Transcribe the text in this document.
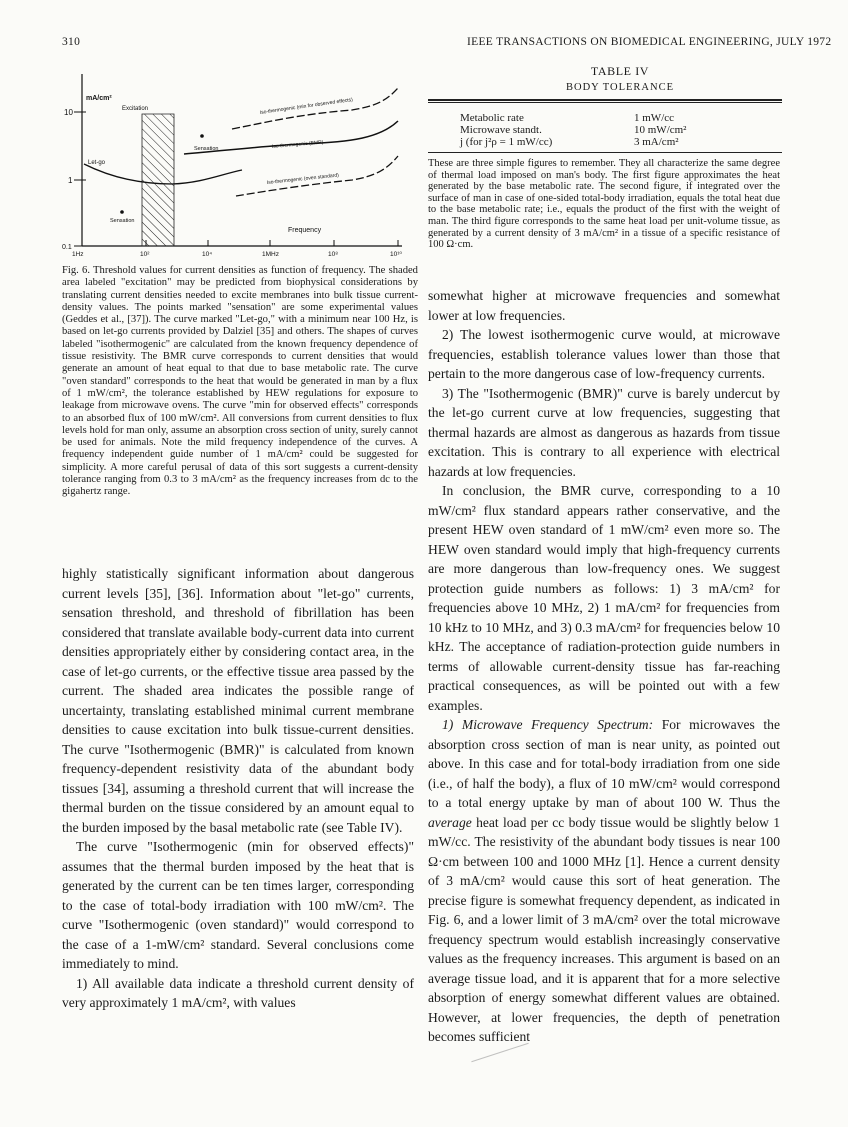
310	IEEE TRANSACTIONS ON BIOMEDICAL ENGINEERING, JULY 1972
mA/cm²
10
1
0.1
1Hz	10²	10⁴	1MHz	10⁸	10¹⁰
Excitation
Sensation
Sensation
Let-go
Iso-thermogenic (min for observed effects)
Iso-thermogenic (BMR)
Iso-thermogenic (oven standard)
Frequency
Fig. 6. Threshold values for current densities as function of frequency. The shaded area labeled "excitation" may be predicted from biophysical considerations by translating current densities needed to excite membranes into bulk tissue current-density values. The points marked "sensation" are some experimental values (Geddes et al., [37]). The curve marked "Let-go," with a minimum near 100 Hz, is based on let-go currents provided by Dalziel [35] and others. The shapes of curves labeled "isothermogenic" are calculated from the known frequency dependence of tissue resistivity. The BMR curve corresponds to current densities that would generate an amount of heat equal to that due to base metabolic rate. The curve "oven standard" corresponds to the heat that would be generated in man by a flux of 1 mW/cm², the tolerance established by HEW regulations for exposure to leakage from microwave ovens. The curve "min for observed effects" corresponds to an absorbed flux of 100 mW/cm². All conversions from current densities to flux levels hold for man only, assume an absorption cross section of unity, surely cannot be used for animals. Note the mild frequency independence of the curves. A frequency independent guide number of 1 mA/cm² could be suggested for simplicity. A more careful perusal of data of this sort suggests a current-density tolerance ranging from 0.3 to 3 mA/cm² as the frequency increases from dc to the gigahertz range.
TABLE IV
BODY TOLERANCE
Metabolic rate	1 mW/cc
Microwave standt.	10 mW/cm²
j (for j²ρ = 1 mW/cc)	3 mA/cm²
These are three simple figures to remember. They all characterize the same degree of thermal load imposed on man's body. The first figure approximates the heat generated by the base metabolic rate. The second figure, if integrated over the surface of man in case of one-sided total-body irradiation, equals the total heat due to the base metabolic rate; i.e., equals the product of the first with the weight of man. The third figure corresponds to the same heat load per unit-volume tissue, as generated by a current density of 3 mA/cm² in a tissue of a specific resistance of 100 Ω·cm.

highly statistically significant information about dangerous current levels [35], [36]. Information about "let-go" currents, sensation threshold, and threshold of fibrillation has been considered that translate available body-current data into current densities appropriately either by considering contact area, in the case of let-go currents, or the effective tissue area passed by the current. The shaded area indicates the possible range of uncertainty, translating established minimal current membrane densities to cause excitation into bulk tissue-current densities. The curve "Isothermogenic (BMR)" is calculated from known frequency-dependent resistivity data of the abundant body tissues [34], assuming a threshold current that will increase the thermal burden on the tissue considered by an amount equal to the burden imposed by the basal metabolic rate (see Table IV).

The curve "Isothermogenic (min for observed effects)" assumes that the thermal burden imposed by the heat that is generated by the current can be ten times larger, corresponding to the case of total-body irradiation with 100 mW/cm². The curve "Isothermogenic (oven standard)" would correspond to the case of a 1-mW/cm² standard. Several conclusions come immediately to mind.

1) All available data indicate a threshold current density of very approximately 1 mA/cm², with values

somewhat higher at microwave frequencies and somewhat lower at low frequencies.

2) The lowest isothermogenic curve would, at microwave frequencies, establish tolerance values lower than those that pertain to the more dangerous case of low-frequency currents.

3) The "Isothermogenic (BMR)" curve is barely undercut by the let-go current curve at low frequencies, suggesting that thermal hazards are almost as dangerous as hazards from tissue excitation. This is contrary to all experience with electrical hazards at low frequencies.

In conclusion, the BMR curve, corresponding to a 10 mW/cm² flux standard appears rather conservative, and the present HEW oven standard of 1 mW/cm² even more so. The HEW oven standard would imply that high-frequency currents are more dangerous than low-frequency ones. We suggest protection guide numbers as follows: 1) 3 mA/cm² for frequencies above 10 MHz, 2) 1 mA/cm² for frequencies from 10 kHz to 10 MHz, and 3) 0.3 mA/cm² for frequencies below 10 kHz. The acceptance of radiation-protection guide numbers in terms of allowable current-density tissue has far-reaching practical consequences, as will be pointed out with a few examples.

1) Microwave Frequency Spectrum: For microwaves the absorption cross section of man is near unity, as pointed out above. In this case and for total-body irradiation from one side (i.e., of half the body), a flux of 10 mW/cm² would correspond to a total energy uptake by man of about 100 W. Thus the average heat load per cc body tissue would be slightly below 1 mW/cc. The resistivity of the abundant body tissues is near 100 Ω·cm between 100 and 1000 MHz [1]. Hence a current density of 3 mA/cm² would cause this sort of heat generation. The precise figure is somewhat frequency dependent, as indicated in Fig. 6, and a lower limit of 3 mA/cm² over the total microwave frequency spectrum would establish increasingly conservative values as the frequency increases. This argument is based on an average tissue load, and it is apparent that for a more selective absorption of energy somewhat different values are obtained. However, at lower frequencies, the depth of penetration becomes sufficient
